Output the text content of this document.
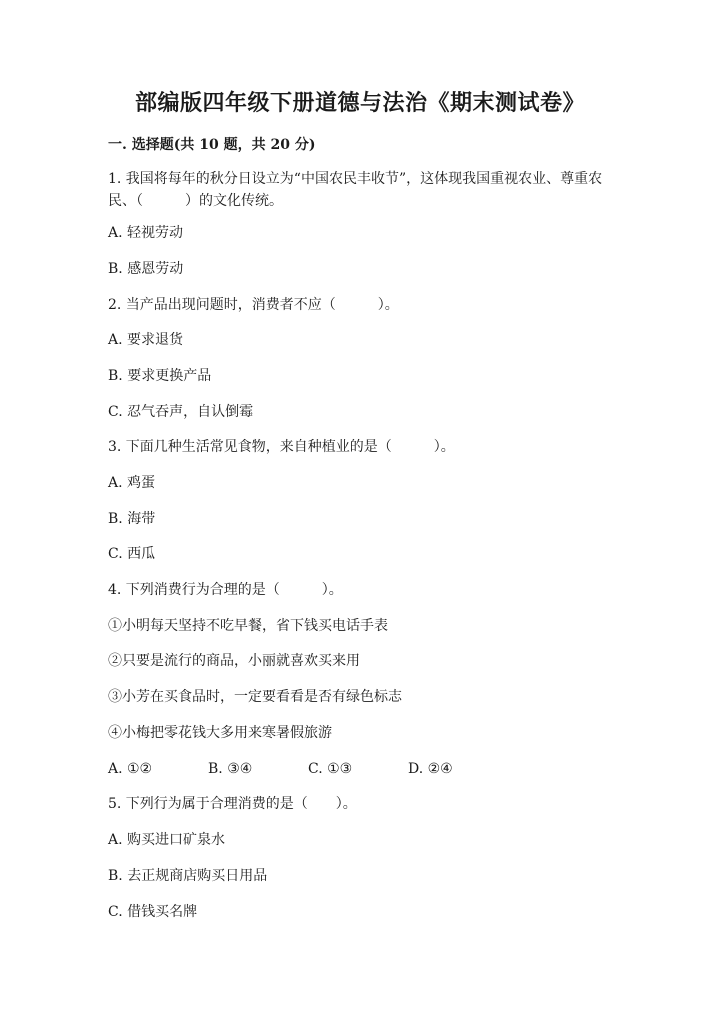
部编版四年级下册道德与法治《期末测试卷》
一. 选择题(共 10 题，共 20 分)
1. 我国将每年的秋分日设立为“中国农民丰收节”，这体现我国重视农业、尊重农民、（　　　）的文化传统。
A. 轻视劳动
B. 感恩劳动
2. 当产品出现问题时，消费者不应（　　　）。
A. 要求退货
B. 要求更换产品
C. 忍气吞声，自认倒霉
3. 下面几种生活常见食物，来自种植业的是（　　　）。
A. 鸡蛋
B. 海带
C. 西瓜
4. 下列消费行为合理的是（　　　）。
①小明每天坚持不吃早餐，省下钱买电话手表
②只要是流行的商品，小丽就喜欢买来用
③小芳在买食品时，一定要看看是否有绿色标志
④小梅把零花钱大多用来寒暑假旅游
A. ①②	B. ③④	C. ①③	D. ②④
5. 下列行为属于合理消费的是（　　）。
A. 购买进口矿泉水
B. 去正规商店购买日用品
C. 借钱买名牌
